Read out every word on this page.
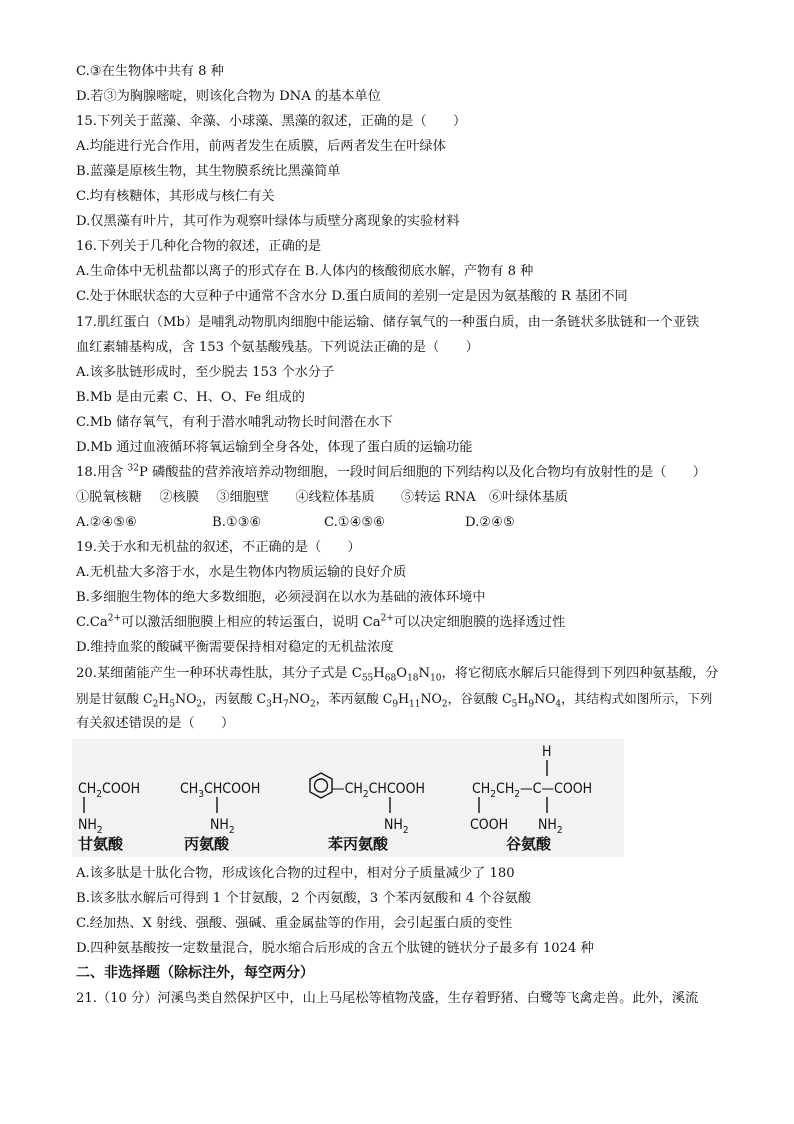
C.③在生物体中共有 8 种
D.若③为胸腺嘧啶，则该化合物为 DNA 的基本单位
15.下列关于蓝藻、伞藻、小球藻、黑藻的叙述，正确的是（　　）
A.均能进行光合作用，前两者发生在质膜，后两者发生在叶绿体
B.蓝藻是原核生物，其生物膜系统比黑藻简单
C.均有核糖体，其形成与核仁有关
D.仅黑藻有叶片，其可作为观察叶绿体与质壁分离现象的实验材料
16.下列关于几种化合物的叙述，正确的是
A.生命体中无机盐都以离子的形式存在 B.人体内的核酸彻底水解，产物有 8 种
C.处于休眠状态的大豆种子中通常不含水分 D.蛋白质间的差别一定是因为氨基酸的 R 基团不同
17.肌红蛋白（Mb）是哺乳动物肌肉细胞中能运输、储存氧气的一种蛋白质，由一条链状多肽链和一个亚铁
血红素辅基构成，含 153 个氨基酸残基。下列说法正确的是（　　）
A.该多肽链形成时，至少脱去 153 个水分子
B.Mb 是由元素 C、H、O、Fe 组成的
C.Mb 储存氧气，有利于潜水哺乳动物长时间潜在水下
D.Mb 通过血液循环将氧运输到全身各处，体现了蛋白质的运输功能
18.用含 $^{32}$P 磷酸盐的营养液培养动物细胞，一段时间后细胞的下列结构以及化合物均有放射性的是（　　）
①脱氧核糖　 ②核膜　 ③细胞壁　　④线粒体基质　　⑤转运 RNA　⑥叶绿体基质
A.②④⑤⑥	B.①③⑥	C.①④⑤⑥	D.②④⑤
19.关于水和无机盐的叙述，不正确的是（　　）
A.无机盐大多溶于水，水是生物体内物质运输的良好介质
B.多细胞生物体的绝大多数细胞，必须浸润在以水为基础的液体环境中
$C.Ca^{2+}$可以激活细胞膜上相应的转运蛋白，说明 $Ca^{2+}$可以决定细胞膜的选择透过性
D.维持血浆的酸碱平衡需要保持相对稳定的无机盐浓度
20.某细菌能产生一种环状毒性肽，其分子式是 $C_{55}H_{68}O_{18}N_{10}$，将它彻底水解后只能得到下列四种氨基酸，分
别是甘氨酸 $C_2H_5NO_2$，丙氨酸 $C_3H_7NO_2$，苯丙氨酸 $C_9H_{11}NO_2$，谷氨酸 $C_5H_9NO_4$，其结构式如图所示，下列
有关叙述错误的是（　　）
$CH_2COOH$
$NH_2$
甘氨酸
$CH_3CHCOOH$
$NH_2$
丙氨酸
$—CH_2CHCOOH$
$NH_2$
苯丙氨酸
H
$CH_2CH_2—C—COOH$
COOH $NH_2$
谷氨酸
A.该多肽是十肽化合物，形成该化合物的过程中，相对分子质量减少了 180
B.该多肽水解后可得到 1 个甘氨酸，2 个丙氨酸，3 个苯丙氨酸和 4 个谷氨酸
C.经加热、X 射线、强酸、强碱、重金属盐等的作用，会引起蛋白质的变性
D.四种氨基酸按一定数量混合，脱水缩合后形成的含五个肽键的链状分子最多有 1024 种
二、非选择题（除标注外，每空两分）
21.（10 分）河溪鸟类自然保护区中，山上马尾松等植物茂盛，生存着野猪、白鹭等飞禽走兽。此外，溪流
